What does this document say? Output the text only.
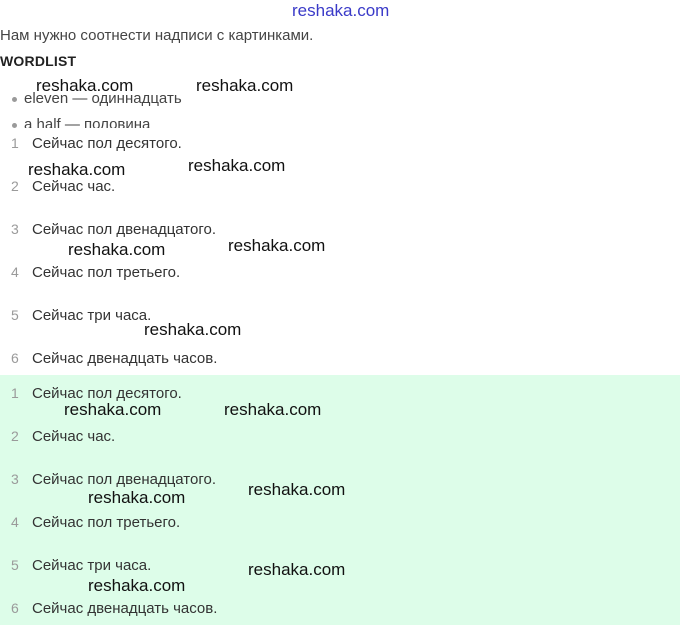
reshaka.com
Нам нужно соотнести надписи с картинками.
WORDLIST
eleven — одиннадцать
a half — половина
1 Сейчас пол десятого.
2 Сейчас час.
3 Сейчас пол двенадцатого.
4 Сейчас пол третьего.
5 Сейчас три часа.
6 Сейчас двенадцать часов.
1 Сейчас пол десятого.
2 Сейчас час.
3 Сейчас пол двенадцатого.
4 Сейчас пол третьего.
5 Сейчас три часа.
6 Сейчас двенадцать часов.
reshaka.com	reshaka.com
reshaka.com	reshaka.com
reshaka.com	reshaka.com
reshaka.com
reshaka.com	reshaka.com
reshaka.com	reshaka.com
reshaka.com
reshaka.com
